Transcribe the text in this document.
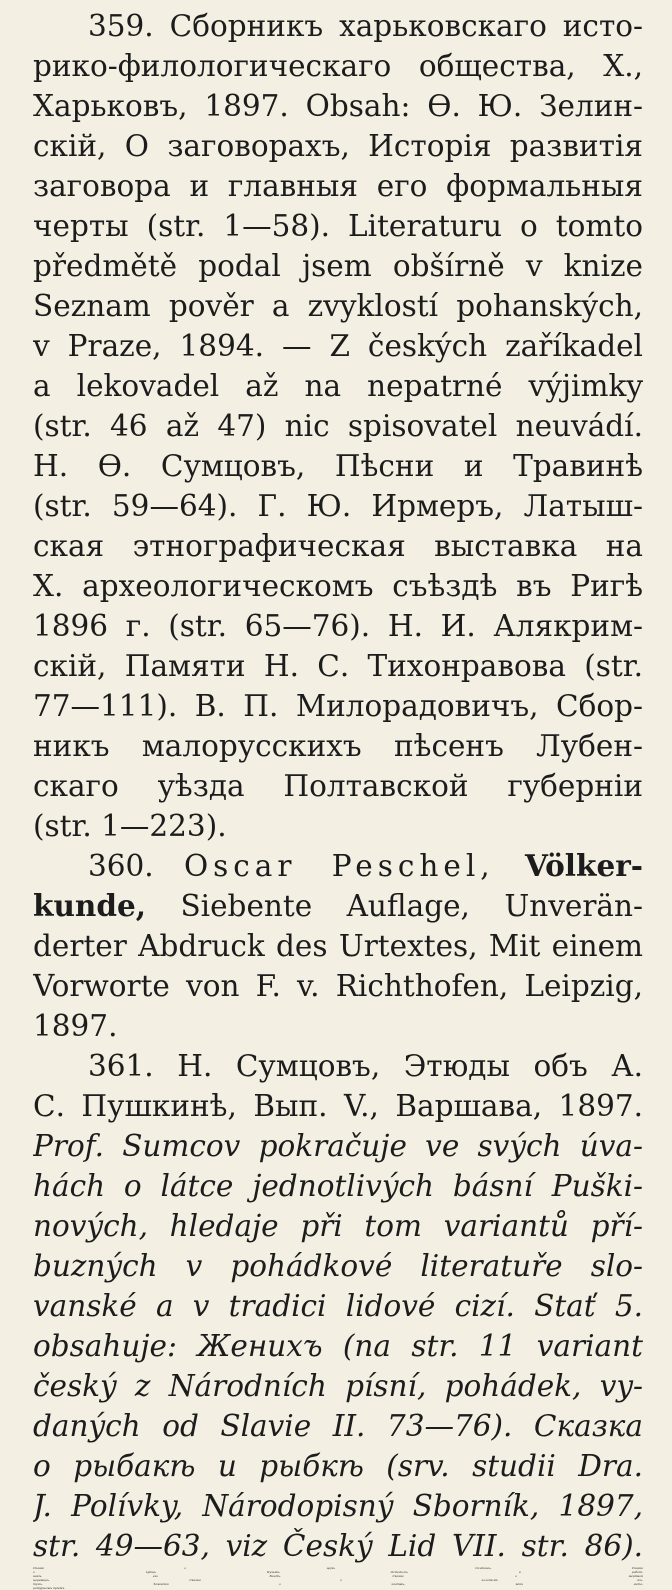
359. Сборникъ харьковскаго исто-
рико-филологическаго общества, X.,
Харьковъ, 1897. Obsah: Ѳ. Ю. Зелин-
скій, О заговорахъ, Исторія развитія
заговора и главныя его формальныя
черты (str. 1—58). Literaturu o tomto
předmětě podal jsem obšírně v knize
Seznam pověr a zvyklostí pohanských,
v Praze, 1894. — Z českých zaříkadel
a lekovadel až na nepatrné výjimky
(str. 46 až 47) nic spisovatel neuvádí.
Н. Ѳ. Сумцовъ, Пѣсни и Травинѣ
(str. 59—64). Г. Ю. Ирмеръ, Латыш-
ская этнографическая выставка на
X. археологическомъ съѣздѣ въ Ригѣ
1896 г. (str. 65—76). Н. И. Алякрим-
скій, Памяти Н. С. Тихонравова (str.
77—111). В. П. Милорадовичъ, Сбор-
никъ малорусскихъ пѣсенъ Лубен-
скаго уѣзда Полтавской губерніи
(str. 1—223).
360. Oscar Peschel, Völker-
kunde, Siebente Auflage, Unverän-
derter Abdruck des Urtextes, Mit einem
Vorworte von F. v. Richthofen, Leipzig,
1897.
361. Н. Сумцовъ, Этюды объ А.
С. Пушкинѣ, Вып. V., Варшава, 1897.
Prof. Sumcov pokračuje ve svých úva-
hách o látce jednotlivých básní Puški-
nových, hledaje při tom variantů pří-
buzných v pohádkové literatuře slo-
vanské a v tradici lidové cizí. Stať 5.
obsahuje: Женихъ (na str. 11 variant
český z Národních písní, pohádek, vy-
daných od Slavie II. 73—76). Сказка
о рыбакѣ и рыбкѣ (srv. studii Dra.
J. Polívky, Národopisný Sborník, 1897,
str. 49—63, viz Český Lid VII. str. 86).
Сказка о царѣ Салтанѣ. Сказка
о купцѣ Кузьмѣ Остополѣ и работ-
никѣ его Балдѣ. Сказка о мертвой
царевицѣ. Сказка о золотомъ пѣ-
тухѣ. Замѣтка о клатвѣ, какъ лите-
ратурномѣ пріемъ.
